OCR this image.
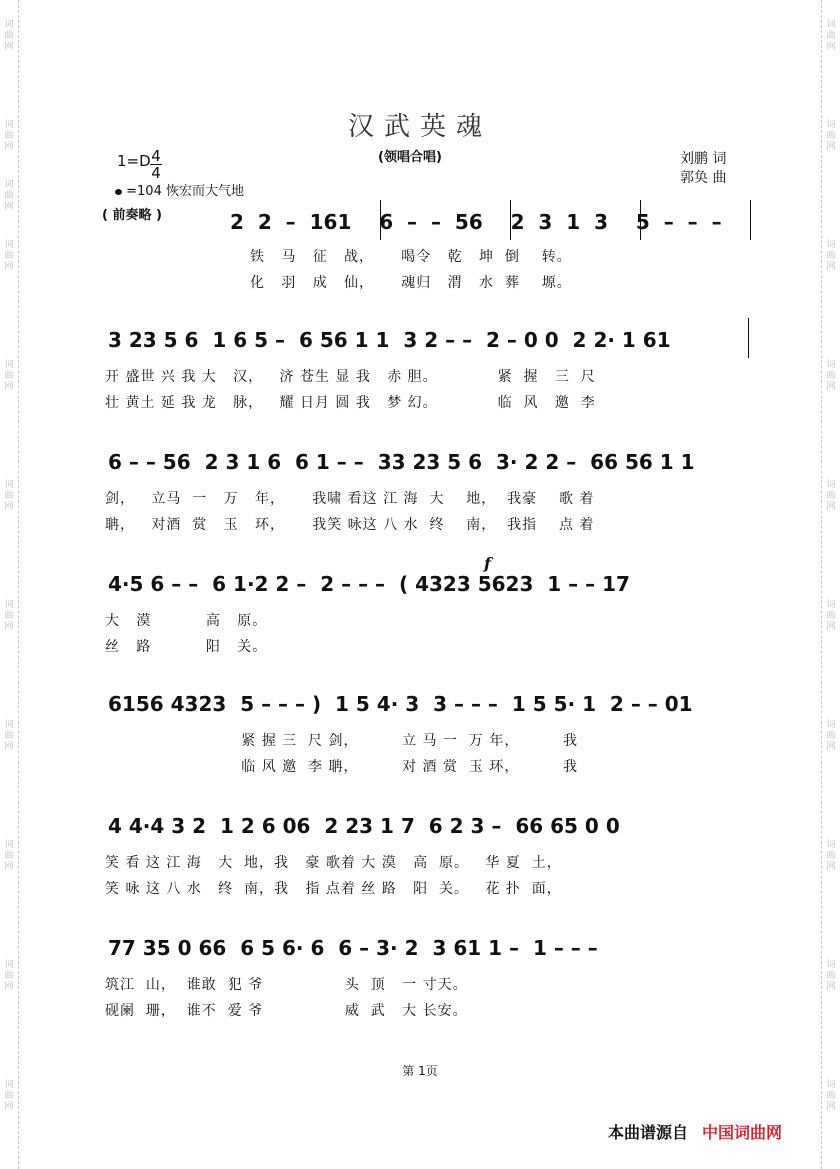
词曲网
词曲网
词曲网
词曲网
词曲网
词曲网
词曲网
词曲网
词曲网
词曲网
词曲网
词曲网
词曲网
词曲网
词曲网
词曲网
词曲网
词曲网
词曲网
词曲网
词曲网
汉武英魂
(领唱合唱)	刘鹏 词
郭奂 曲
1=D 4
4
=104 恢宏而大气地
( 前奏略 )	2  2  –  161    6  –  –  56    2  3  1  3    5  –  –  –
铁   马   征   战，     喝令   乾   坤  倒    转。
化   羽   成   仙，     魂归   渭   水  葬    塬。
3 23 5 6  1 6 5 –  6 56 1 1  3 2 – –  2 – 0 0  2 2· 1 61
开 盛世 兴 我 大   汉，   济 苍生 显 我   赤 胆。           紧  握   三  尺
壮 黄土 延 我 龙   脉，   耀 日月 圆 我   梦 幻。           临  风   邀  李
6 – – 56  2 3 1 6  6 1 – –  33 23 5 6  3· 2 2 –  66 56 1 1
剑，   立马  一   万   年，     我啸 看这 江 海  大    地，  我豪    歌 着
聃，   对酒  赏   玉   环，     我笑 咏这 八 水  终    南，  我指    点 着
4·5 6 – –  6 1·2 2 –  2 – – –  ( 4323 5623  1 – – 17
f
大   漠          高   原。
丝   路          阳   关。
6156 4323  5 – – – )  1 5 4· 3  3 – – –  1 5 5· 1  2 – – 01
紧 握 三  尺 剑，        立 马 一  万 年，        我
临 风 邀  李 聃，        对 酒 赏  玉 环，        我
4 4·4 3 2  1 2 6 06  2 23 1 7  6 2 3 –  66 65 0 0
笑 看 这 江 海   大  地，我   豪 歌着 大 漠   高  原。   华 夏  土，
笑 咏 这 八 水   终  南，我   指 点着 丝 路   阳  关。   花 扑  面，
77 35 0 66  6 5 6· 6  6 – 3· 2  3 61 1 –  1 – – –
筑江  山，  谁敢  犯 爷               头  顶   一 寸天。
砚阑  珊，  谁不  爱 爷               威  武   大 长安。
第 1页
本曲谱源自 中国词曲网
